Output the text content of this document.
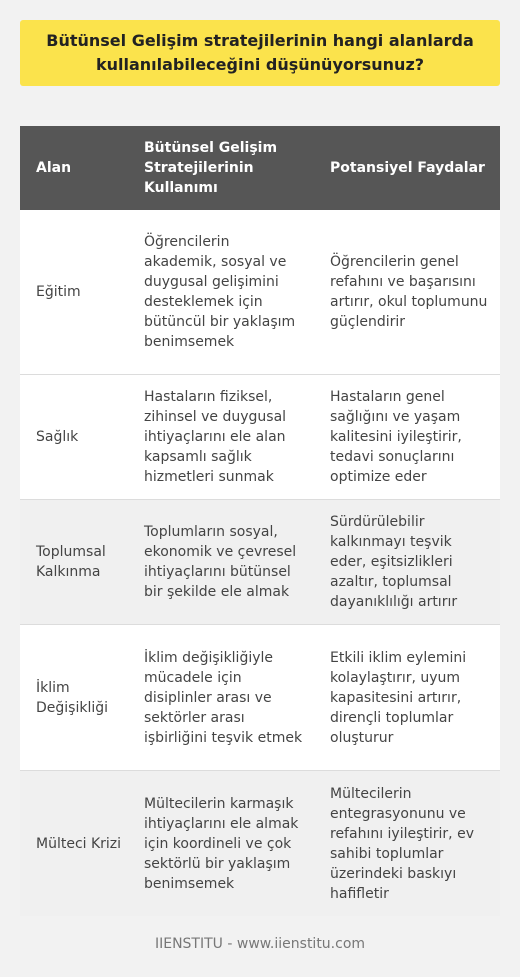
Bütünsel Gelişim stratejilerinin hangi alanlarda kullanılabileceğini düşünüyorsunuz?
Alan
Bütünsel Gelişim Stratejilerinin Kullanımı
Potansiyel Faydalar
Eğitim
Öğrencilerin akademik, sosyal ve duygusal gelişimini desteklemek için bütüncül bir yaklaşım benimsemek
Öğrencilerin genel refahını ve başarısını artırır, okul toplumunu güçlendirir
Sağlık
Hastaların fiziksel, zihinsel ve duygusal ihtiyaçlarını ele alan kapsamlı sağlık hizmetleri sunmak
Hastaların genel sağlığını ve yaşam kalitesini iyileştirir, tedavi sonuçlarını optimize eder
Toplumsal Kalkınma
Toplumların sosyal, ekonomik ve çevresel ihtiyaçlarını bütünsel bir şekilde ele almak
Sürdürülebilir kalkınmayı teşvik eder, eşitsizlikleri azaltır, toplumsal dayanıklılığı artırır
İklim Değişikliği
İklim değişikliğiyle mücadele için disiplinler arası ve sektörler arası işbirliğini teşvik etmek
Etkili iklim eylemini kolaylaştırır, uyum kapasitesini artırır, dirençli toplumlar oluşturur
Mülteci Krizi
Mültecilerin karmaşık ihtiyaçlarını ele almak için koordineli ve çok sektörlü bir yaklaşım benimsemek
Mültecilerin entegrasyonunu ve refahını iyileştirir, ev sahibi toplumlar üzerindeki baskıyı hafifletir
IIENSTITU - www.iienstitu.com
